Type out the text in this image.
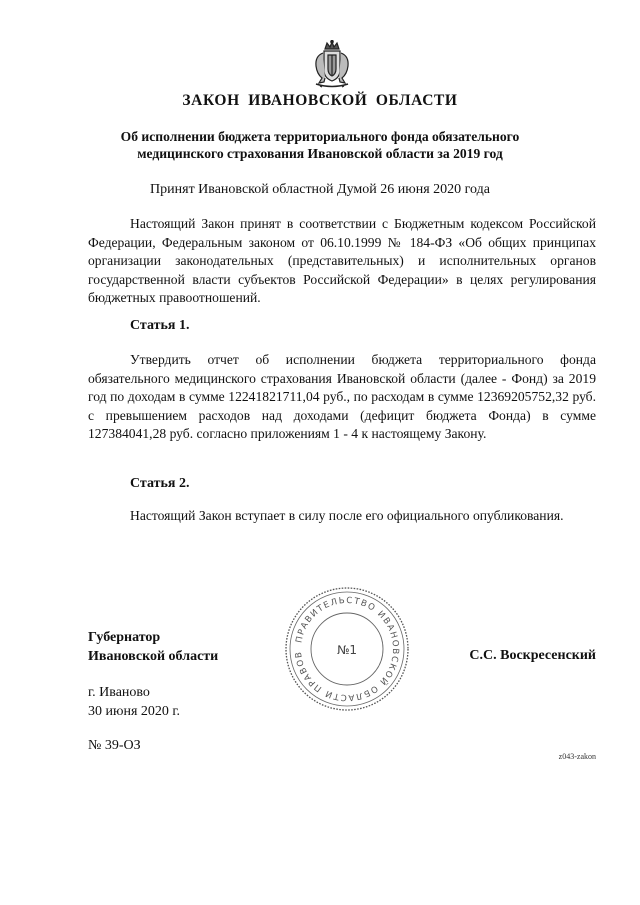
ЗАКОН ИВАНОВСКОЙ ОБЛАСТИ
Об исполнении бюджета территориального фонда обязательного
медицинского страхования Ивановской области за 2019 год
Принят Ивановской областной Думой 26 июня 2020 года

Настоящий Закон принят в соответствии с Бюджетным кодексом Российской Федерации, Федеральным законом от 06.10.1999 № 184-ФЗ «Об общих принципах организации законодательных (представительных) и исполнительных органов государственной власти субъектов Российской Федерации» в целях регулирования бюджетных правоотношений.

Статья 1.

Утвердить отчет об исполнении бюджета территориального фонда обязательного медицинского страхования Ивановской области (далее - Фонд) за 2019 год по доходам в сумме 12241821711,04 руб., по расходам в сумме 12369205752,32 руб. с превышением расходов над доходами (дефицит бюджета Фонда) в сумме 127384041,28 руб. согласно приложениям 1 - 4 к настоящему Закону.

Статья 2.

Настоящий Закон вступает в силу после его официального опубликования.

Губернатор
Ивановской области
ПРАВИТЕЛЬСТВО ИВАНОВСКОЙ ОБЛАСТИ ПРАВОВ	№1	С.С. Воскресенский
г. Иваново
30 июня 2020 г.
№ 39-ОЗ
z043-zakon
